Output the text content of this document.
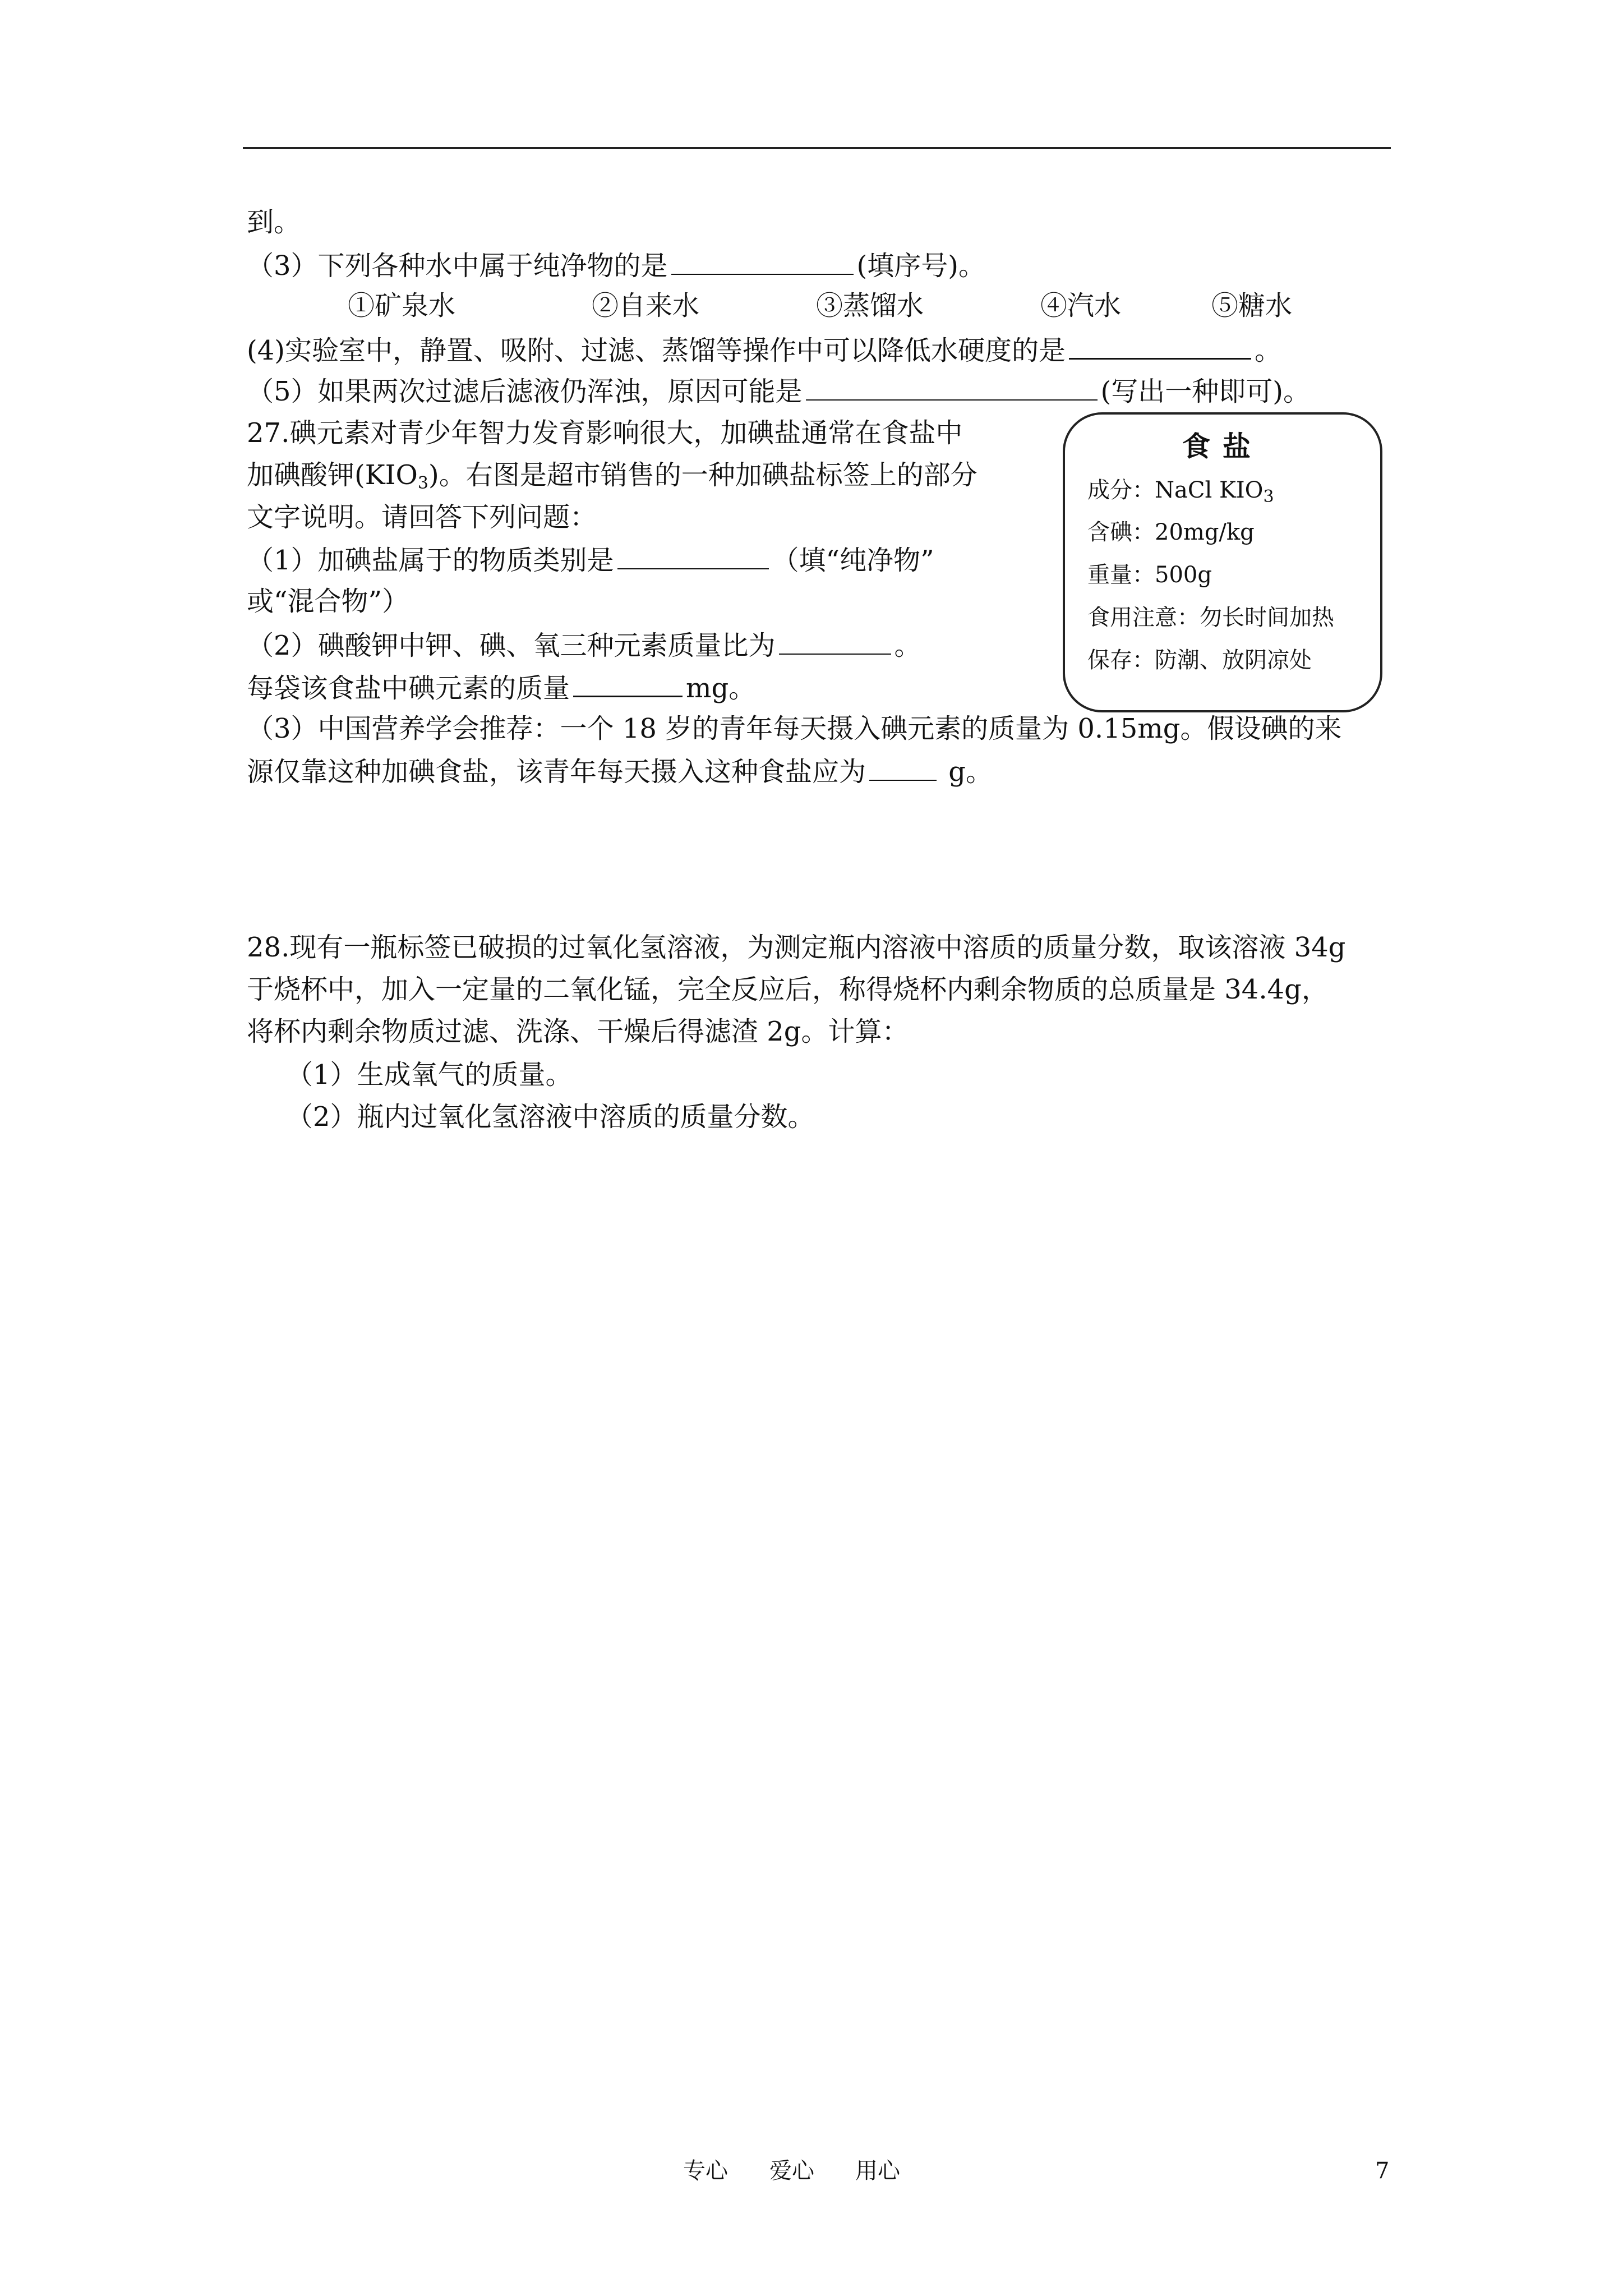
到。
（3）下列各种水中属于纯净物的是	(填序号)。
①矿泉水	②自来水	③蒸馏水	④汽水	⑤糖水
(4)实验室中，静置、吸附、过滤、蒸馏等操作中可以降低水硬度的是	。
（5）如果两次过滤后滤液仍浑浊，原因可能是	(写出一种即可)。
27.碘元素对青少年智力发育影响很大，加碘盐通常在食盐中
加碘酸钾$(KIO_3)$。右图是超市销售的一种加碘盐标签上的部分
文字说明。请回答下列问题：
（1）加碘盐属于的物质类别是	（填“纯净物”
或“混合物”）
（2）碘酸钾中钾、碘、氧三种元素质量比为	。
每袋该食盐中碘元素的质量	mg。
（3）中国营养学会推荐：一个 18 岁的青年每天摄入碘元素的质量为 0.15mg。假设碘的来
源仅靠这种加碘食盐，该青年每天摄入这种食盐应为	g。
食盐
成分：NaCl $KIO_3$
含碘：20mg/kg
重量：500g
食用注意：勿长时间加热
保存：防潮、放阴凉处
28.现有一瓶标签已破损的过氧化氢溶液，为测定瓶内溶液中溶质的质量分数，取该溶液 34g
于烧杯中，加入一定量的二氧化锰，完全反应后，称得烧杯内剩余物质的总质量是 34.4g，
将杯内剩余物质过滤、洗涤、干燥后得滤渣 2g。计算：
（1）生成氧气的质量。
（2）瓶内过氧化氢溶液中溶质的质量分数。
专心 爱心 用心	7
